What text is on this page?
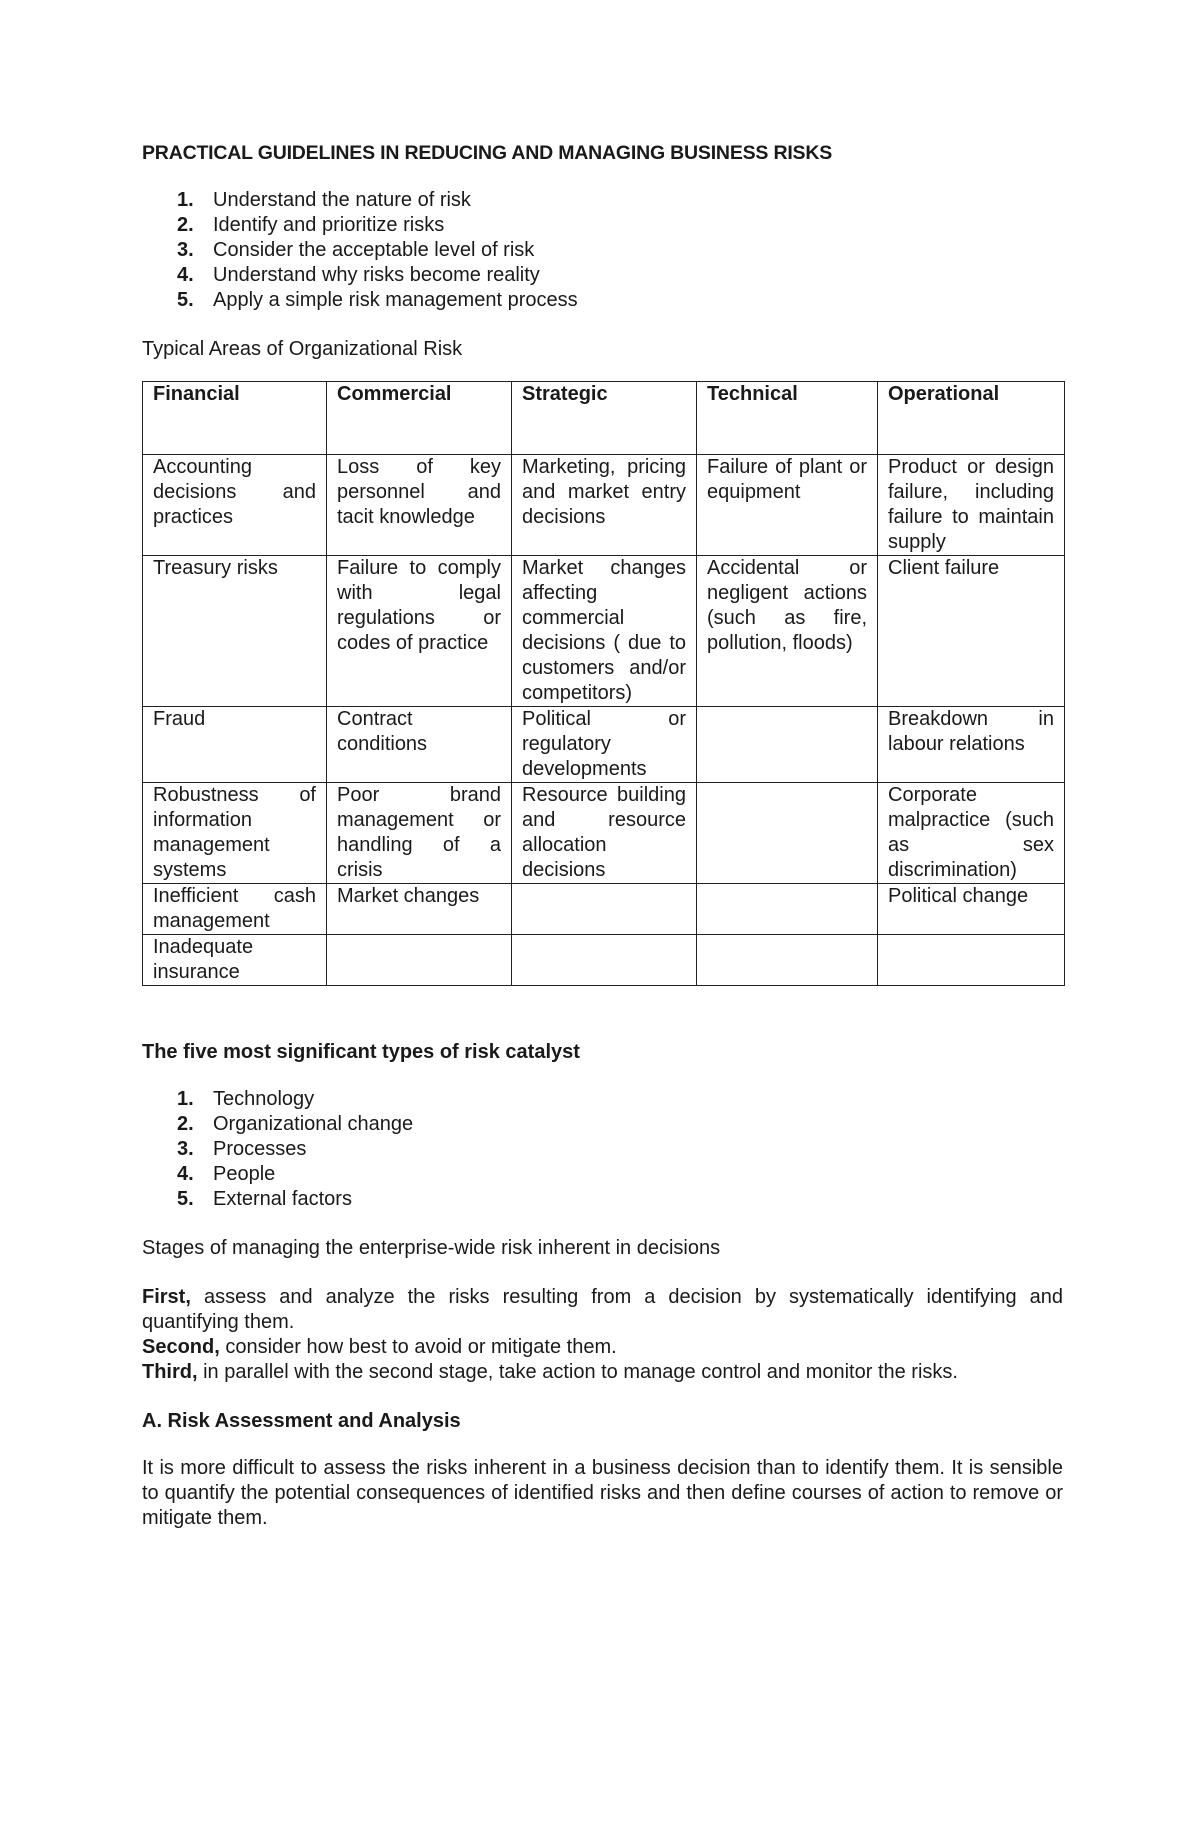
PRACTICAL GUIDELINES IN REDUCING AND MANAGING BUSINESS RISKS
1. Understand the nature of risk
2. Identify and prioritize risks
3. Consider the acceptable level of risk
4. Understand why risks become reality
5. Apply a simple risk management process

Typical Areas of Organizational Risk

Financial	Commercial	Strategic	Technical	Operational
Accounting decisions and practices	Loss of key personnel and tacit knowledge	Marketing, pricing and market entry decisions	Failure of plant or equipment	Product or design failure, including failure to maintain supply
Treasury risks	Failure to comply with legal regulations or codes of practice	Market changes affecting commercial decisions ( due to customers and/or competitors)	Accidental or negligent actions (such as fire, pollution, floods)	Client failure
Fraud	Contract conditions	Political or regulatory developments		Breakdown in labour relations
Robustness of information management systems	Poor brand management or handling of a crisis	Resource building and resource allocation decisions		Corporate malpractice (such as sex discrimination)
Inefficient cash management	Market changes			Political change
Inadequate insurance				
The five most significant types of risk catalyst
1. Technology
2. Organizational change
3. Processes
4. People
5. External factors

Stages of managing the enterprise-wide risk inherent in decisions

First, assess and analyze the risks resulting from a decision by systematically identifying and quantifying them.

Second, consider how best to avoid or mitigate them.

Third, in parallel with the second stage, take action to manage control and monitor the risks.

A. Risk Assessment and Analysis

It is more difficult to assess the risks inherent in a business decision than to identify them. It is sensible to quantify the potential consequences of identified risks and then define courses of action to remove or mitigate them.
